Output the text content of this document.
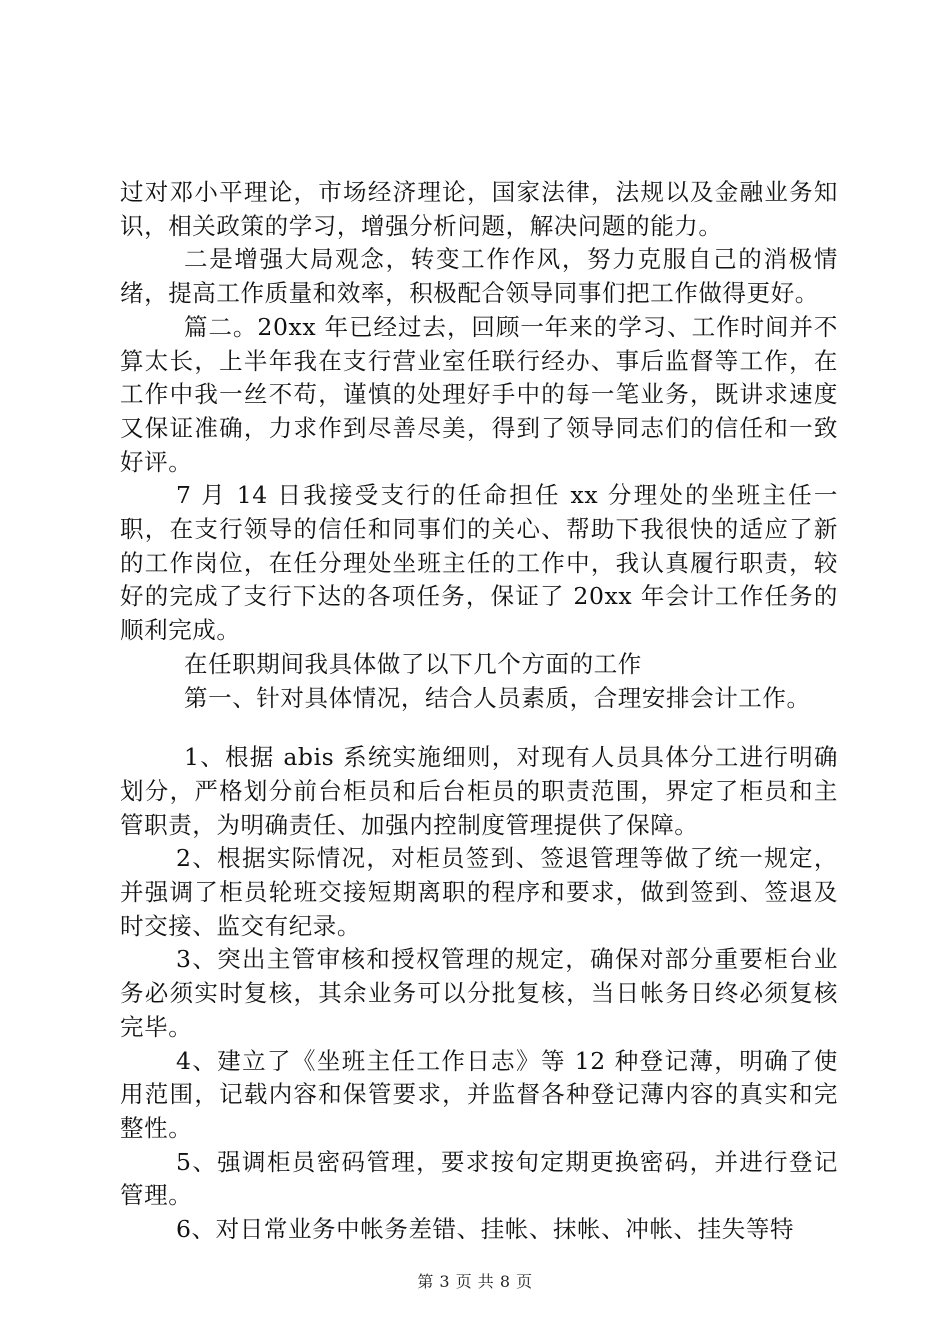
过对邓小平理论，市场经济理论，国家法律，法规以及金融业务知识，相关政策的学习，增强分析问题，解决问题的能力。

二是增强大局观念，转变工作作风，努力克服自己的消极情绪，提高工作质量和效率，积极配合领导同事们把工作做得更好。

篇二。20xx 年已经过去，回顾一年来的学习、工作时间并不算太长，上半年我在支行营业室任联行经办、事后监督等工作，在工作中我一丝不苟，谨慎的处理好手中的每一笔业务，既讲求速度又保证准确，力求作到尽善尽美，得到了领导同志们的信任和一致好评。

7 月 14 日我接受支行的任命担任 xx 分理处的坐班主任一职，在支行领导的信任和同事们的关心、帮助下我很快的适应了新的工作岗位，在任分理处坐班主任的工作中，我认真履行职责，较好的完成了支行下达的各项任务，保证了 20xx 年会计工作任务的顺利完成。

在任职期间我具体做了以下几个方面的工作

第一、针对具体情况，结合人员素质，合理安排会计工作。

1、根据 abis 系统实施细则，对现有人员具体分工进行明确划分，严格划分前台柜员和后台柜员的职责范围，界定了柜员和主管职责，为明确责任、加强内控制度管理提供了保障。

2、根据实际情况，对柜员签到、签退管理等做了统一规定，并强调了柜员轮班交接短期离职的程序和要求，做到签到、签退及时交接、监交有纪录。

3、突出主管审核和授权管理的规定，确保对部分重要柜台业务必须实时复核，其余业务可以分批复核，当日帐务日终必须复核完毕。

4、建立了《坐班主任工作日志》等 12 种登记薄，明确了使用范围，记载内容和保管要求，并监督各种登记薄内容的真实和完整性。

5、强调柜员密码管理，要求按旬定期更换密码，并进行登记管理。

6、对日常业务中帐务差错、挂帐、抹帐、冲帐、挂失等特

第 3 页 共 8 页
